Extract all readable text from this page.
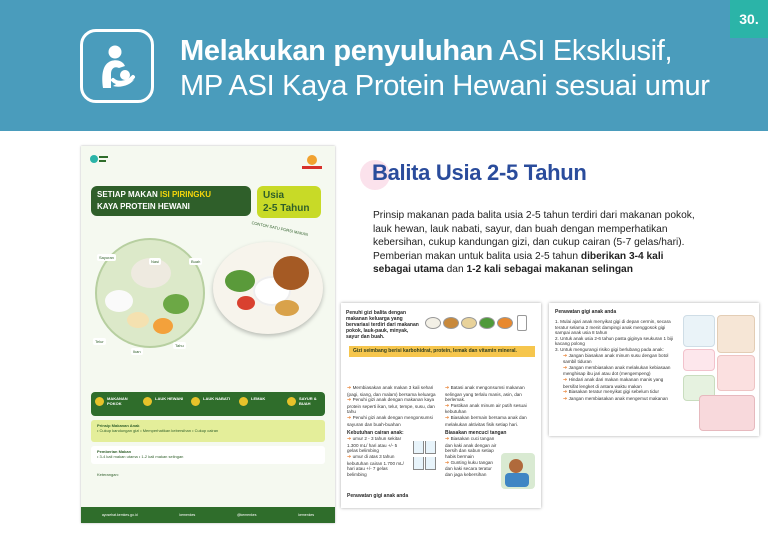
Melakukan penyuluhan ASI Eksklusif,
MP ASI Kaya Protein Hewani sesuai umur
30.
SETIAP MAKAN ISI PIRINGKU
KAYA PROTEIN HEWANI
Usia
2-5 Tahun
CONTOH SATU PORSI MAKAN
Sayuran
Nasi	Buah
Telur
Ikan
Tahu
MAKANAN POKOK
LAUK HEWANI	LAUK NABATI	LEMAK	SAYUR & BUAH
Prinsip Makanan Anak
• Cukup kandungan gizi • Memperhatikan kebersihan • Cukup cairan
Pemberian Makan
• 3-4 kali makan utama • 1-2 kali makan selingan
Keterangan:
ayosehat.kemkes.go.id	kemenkes	@kemenkes	kemenkes
Balita Usia 2-5 Tahun
Prinsip makanan pada balita usia 2-5 tahun terdiri dari makanan pokok, lauk hewan, lauk nabati, sayur, dan buah dengan memperhatikan kebersihan, cukup kandungan gizi, dan cukup cairan (5-7 gelas/hari). Pemberian makan untuk balita usia 2-5 tahun diberikan 3-4 kali sebagai utama dan 1-2 kali sebagai makanan selingan
Penuhi gizi balita dengan makanan keluarga yang bervariasi terdiri dari makanan pokok, lauk-pauk, minyak, sayur dan buah.
Gizi seimbang berisi karbohidrat, protein, lemak dan vitamin mineral.
➔ Membiasakan anak makan 3 kali sehari (pagi, siang, dan malam) bersama keluarga
➔ Penuhi gizi anak dengan makanan kaya protein seperti ikan, telur, tempe, susu, dan tahu
➔ Penuhi gizi anak dengan mengonsumsi sayuran dan buah-buahan
Kebutuhan cairan anak:
➔ umur 2 - 3 tahun sekitar 1.300 mL/ hari atau +/- 5 gelas belimbing
➔ umur di atas 3 tahun kebutuhan cairan 1.700 mL/ hari atau +/- 7 gelas belimbing
➔ Batasi anak mengonsumsi makanan selingan yang terlalu manis, asin, dan berlemak.
➔ Pastikan anak minum air putih sesuai kebutuhan
➔ Biasakan bermain bersama anak dan melakukan aktivitas fisik setiap hari.
Biasakan mencuci tangan
➔ Biasakan cuci tangan dan kaki anak dengan air bersih dan sabun setiap habis bermain
➔ Gunting kuku tangan dan kaki secara teratur dan jaga kebersihan
Perawatan gigi anak anda
Perawatan gigi anak anda
1. Mulai ajari anak menyikat gigi di depan cermin, secara teratur selama 2 menit dampingi anak menggosok gigi sampai anak usia 8 tahun
2. Untuk anak usia 2-6 tahun pasta giginya seukuran 1 biji kacang polong
3. Untuk mengurangi risiko gigi berlubang pada anak:
➔ Jangan biasakan anak minum susu dengan botol sambil tiduran
➔ Jangan membiasakan anak melakukan kebiasaan menghisap ibu jari atau dot (mengempeng)
➔ Hindari anak dari makan makanan manis yang bersifat lengket di antara waktu makan
➔ Biasakan teratur menyikat gigi sebelum tidur
➔ Jangan membiasakan anak mengemut makanan
